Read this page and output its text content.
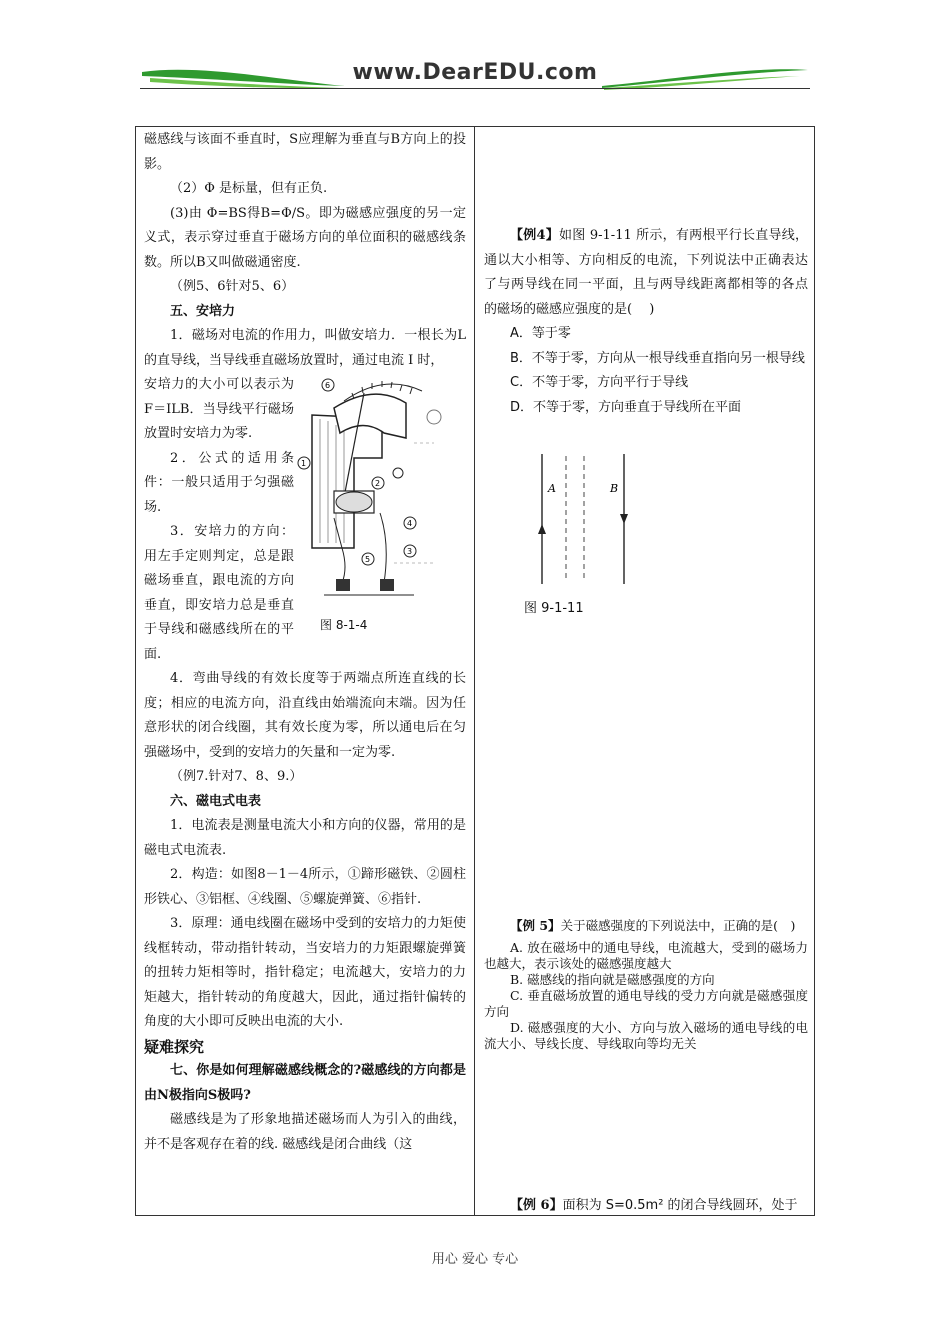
www.DearEDU.com

磁感线与该面不垂直时，S应理解为垂直与B方向上的投影。

（2）Φ 是标量，但有正负.

(3)由 Φ=BS得B=Φ/S。即为磁感应强度的另一定义式，表示穿过垂直于磁场方向的单位面积的磁感线条数。所以B又叫做磁通密度.

（例5、6针对5、6）

五、安培力

1．磁场对电流的作用力，叫做安培力．一根长为L的直导线，当导线垂直磁场放置时，通过电流 I 时，

安培力的大小可以表示为 F＝ILB．当导线平行磁场放置时安培力为零.

2．公式的适用条件：一般只适用于匀强磁场.

3．安培力的方向：用左手定则判定，总是跟磁场垂直，跟电流的方向垂直，即安培力总是垂直于导线和磁感线所在的平面.

6
1
2
4
3
5
图 8-1-4

4．弯曲导线的有效长度等于两端点所连直线的长度；相应的电流方向，沿直线由始端流向末端。因为任意形状的闭合线圈，其有效长度为零，所以通电后在匀强磁场中，受到的安培力的矢量和一定为零.

（例7.针对7、8、9.）

六、磁电式电表

1．电流表是测量电流大小和方向的仪器，常用的是磁电式电流表.

2．构造：如图8－1－4所示，①蹄形磁铁、②圆柱形铁心、③铝框、④线圈、⑤螺旋弹簧、⑥指针.

3．原理：通电线圈在磁场中受到的安培力的力矩使线框转动，带动指针转动，当安培力的力矩跟螺旋弹簧的扭转力矩相等时，指针稳定；电流越大，安培力的力矩越大，指针转动的角度越大，因此，通过指针偏转的角度的大小即可反映出电流的大小.

疑难探究

七、你是如何理解磁感线概念的?磁感线的方向都是由N极指向S极吗?

磁感线是为了形象地描述磁场而人为引入的曲线，并不是客观存在着的线. 磁感线是闭合曲线（这

【例4】如图 9-1-11 所示，有两根平行长直导线，通以大小相等、方向相反的电流，下列说法中正确表达了与两导线在同一平面，且与两导线距离都相等的各点的磁场的磁感应强度的是(　 )

A．等于零

B．不等于零，方向从一根导线垂直指向另一根导线

C．不等于零，方向平行于导线

D．不等于零，方向垂直于导线所在平面

A	B
图 9-1-11

【例 5】关于磁感强度的下列说法中，正确的是(　)

A. 放在磁场中的通电导线，电流越大，受到的磁场力也越大，表示该处的磁感强度越大

B. 磁感线的指向就是磁感强度的方向

C. 垂直磁场放置的通电导线的受力方向就是磁感强度方向

D. 磁感强度的大小、方向与放入磁场的通电导线的电流大小、导线长度、导线取向等均无关

【例 6】面积为 S=0.5m² 的闭合导线圆环，处于

用心 爱心 专心
